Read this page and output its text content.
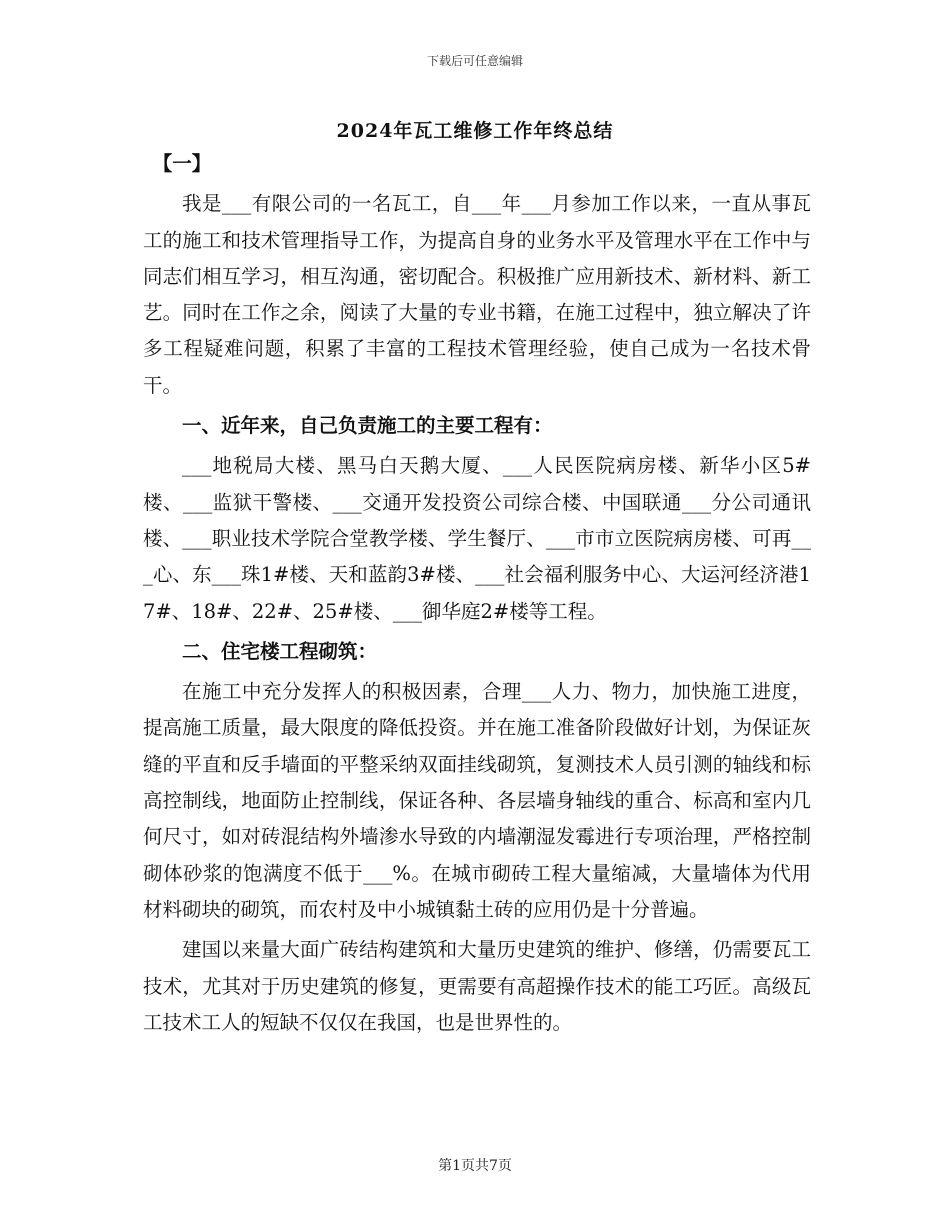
下载后可任意编辑
2024年瓦工维修工作年终总结

【一】

我是___有限公司的一名瓦工，自___年___月参加工作以来，一直从事瓦工的施工和技术管理指导工作，为提高自身的业务水平及管理水平在工作中与同志们相互学习，相互沟通，密切配合。积极推广应用新技术、新材料、新工艺。同时在工作之余，阅读了大量的专业书籍，在施工过程中，独立解决了许多工程疑难问题，积累了丰富的工程技术管理经验，使自己成为一名技术骨干。

一、近年来，自己负责施工的主要工程有：

___地税局大楼、黑马白天鹅大厦、___人民医院病房楼、新华小区5#楼、___监狱干警楼、___交通开发投资公司综合楼、中国联通___分公司通讯楼、___职业技术学院合堂教学楼、学生餐厅、___市市立医院病房楼、可再___心、东___珠1#楼、天和蓝韵3#楼、___社会福利服务中心、大运河经济港17#、18#、22#、25#楼、___御华庭2#楼等工程。

二、住宅楼工程砌筑：

在施工中充分发挥人的积极因素，合理___人力、物力，加快施工进度，提高施工质量，最大限度的降低投资。并在施工准备阶段做好计划，为保证灰缝的平直和反手墙面的平整采纳双面挂线砌筑，复测技术人员引测的轴线和标高控制线，地面防止控制线，保证各种、各层墙身轴线的重合、标高和室内几何尺寸，如对砖混结构外墙渗水导致的内墙潮湿发霉进行专项治理，严格控制砌体砂浆的饱满度不低于___%。在城市砌砖工程大量缩减，大量墙体为代用材料砌块的砌筑，而农村及中小城镇黏土砖的应用仍是十分普遍。

建国以来量大面广砖结构建筑和大量历史建筑的维护、修缮，仍需要瓦工技术，尤其对于历史建筑的修复，更需要有高超操作技术的能工巧匠。高级瓦工技术工人的短缺不仅仅在我国，也是世界性的。

第1页共7页
